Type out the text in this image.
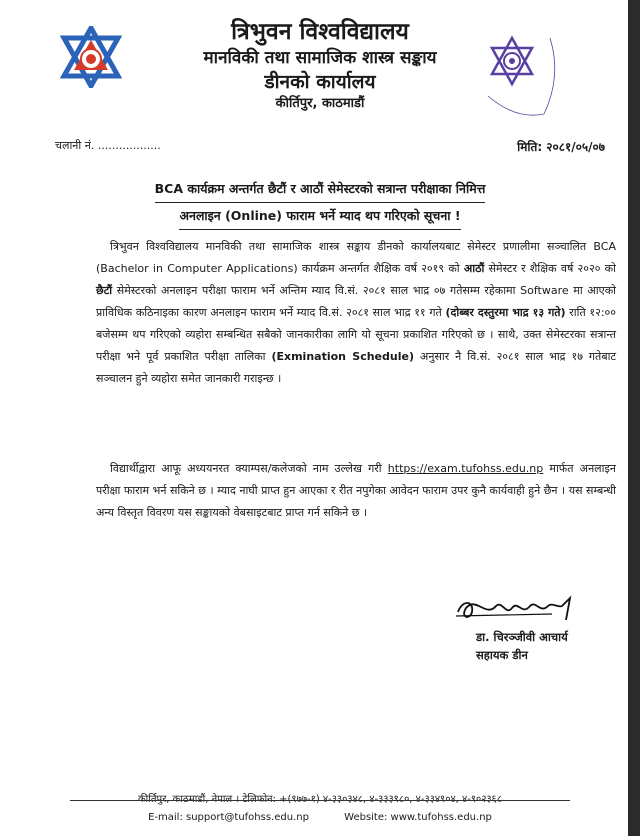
त्रिभुवन विश्वविद्यालय

मानविकी तथा सामाजिक शास्त्र सङ्काय

डीनको कार्यालय

कीर्तिपुर, काठमाडौं

चलानी नं. ..................	मिति: २०८१/०५/०७
BCA कार्यक्रम अन्तर्गत छैटौं र आठौं सेमेस्टरको सत्रान्त परीक्षाका निमित्त
अनलाइन (Online) फाराम भर्ने म्याद थप गरिएको सूचना !
त्रिभुवन विश्वविद्यालय मानविकी तथा सामाजिक शास्त्र सङ्काय डीनको कार्यालयबाट सेमेस्टर प्रणालीमा सञ्चालित BCA (Bachelor in Computer Applications) कार्यक्रम अन्तर्गत शैक्षिक वर्ष २०१९ को आठौं सेमेस्टर र शैक्षिक वर्ष २०२० को छैटौं सेमेस्टरको अनलाइन परीक्षा फाराम भर्ने अन्तिम म्याद वि.सं. २०८१ साल भाद्र ०७ गतेसम्म रहेकामा Software मा आएको प्राविधिक कठिनाइका कारण अनलाइन फाराम भर्ने म्याद वि.सं. २०८१ साल भाद्र ११ गते (दोब्बर दस्तुरमा भाद्र १३ गते) राति १२:०० बजेसम्म थप गरिएको व्यहोरा सम्बन्धित सबैको जानकारीका लागि यो सूचना प्रकाशित गरिएको छ । साथै, उक्त सेमेस्टरका सत्रान्त परीक्षा भने पूर्व प्रकाशित परीक्षा तालिका (Exmination Schedule) अनुसार नै वि.सं. २०८१ साल भाद्र १७ गतेबाट सञ्चालन हुने व्यहोरा समेत जानकारी गराइन्छ ।
विद्यार्थीद्वारा आफू अध्ययनरत क्याम्पस/कलेजको नाम उल्लेख गरी https://exam.tufohss.edu.np मार्फत अनलाइन परीक्षा फाराम भर्न सकिने छ । म्याद नाघी प्राप्त हुन आएका र रीत नपुगेका आवेदन फाराम उपर कुनै कार्यवाही हुने छैन । यस सम्बन्धी अन्य विस्तृत विवरण यस सङ्कायको वेबसाइटबाट प्राप्त गर्न सकिने छ ।
डा. चिरञ्जीवी आचार्य
सहायक डीन
कीर्तिपुर, काठमाडौं, नेपाल । टेलिफोन: +(९७७-१) ४-३३०३४८, ४-३३३९८०, ४-३३४९०४, ४-९०२३६८
E-mail: support@tufohss.edu.np	Website: www.tufohss.edu.np
